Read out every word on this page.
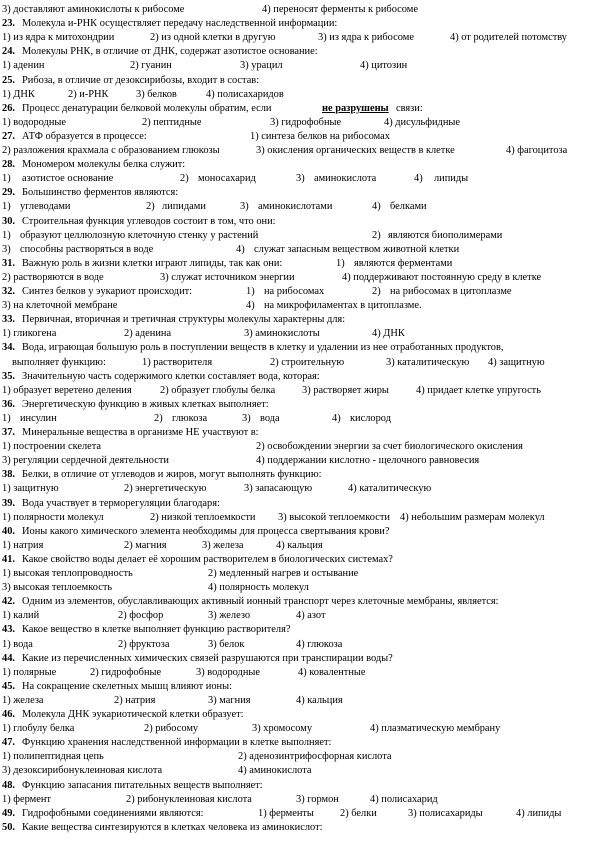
3) доставляют аминокислоты к рибосоме	4) переносят ферменты к рибосоме
23. Молекула и-РНК осуществляет передачу наследственной информации:
1) из ядра к митохондрии	2) из одной клетки в другую	3) из ядра к рибосоме	4) от родителей потомству
24. Молекулы РНК, в отличие от ДНК, содержат азотистое основание:
1) аденин	2) гуанин	3) урацил	4) цитозин
25. Рибоза, в отличие от дезоксирибозы, входит в состав:
1) ДНК	2) и-РНК	3) белков	4) полисахаридов
26. Процесс денатурации белковой молекулы обратим, если	не разрушены связи:
1) водородные	2) пептидные	3) гидрофобные	4) дисульфидные
27. АТФ образуется в процессе:	1) синтеза белков на рибосомах
2) разложения крахмала с образованием глюкозы	3) окисления органических веществ в клетке	4) фагоцитоза
28. Мономером молекулы белка служит:
1) азотистое основание	2) моносахарид	3) аминокислота	4) липиды
29. Большинство ферментов являются:
1) углеводами	2) липидами	3) аминокислотами	4) белками
30. Строительная функция углеводов состоит в том, что они:
1) образуют целлюлозную клеточную стенку у растений	2) являются биополимерами
3) способны растворяться в воде	4) служат запасным веществом животной клетки
31. Важную роль в жизни клетки играют липиды, так как они:	1) являются ферментами
2) растворяются в воде	3) служат источником энергии	4) поддерживают постоянную среду в клетке
32. Синтез белков у эукариот происходит:	1) на рибосомах	2) на рибосомах в цитоплазме
3) на клеточной мембране	4) на микрофиламентах в цитоплазме.
33. Первичная, вторичная и третичная структуры молекулы характерны для:
1) гликогена	2) аденина	3) аминокислоты	4) ДНК
34. Вода, играющая большую роль в поступлении веществ в клетку и удалении из нее отработанных продуктов,
выполняет функцию:	1) растворителя	2) строительную	3) каталитическую 4) защитную
35. Значительную часть содержимого клетки составляет вода, которая:
1) образует веретено деления	2) образует глобулы белка	3) растворяет жиры	4) придает клетке упругость
36. Энергетическую функцию в живых клетках выполняет:
1) инсулин	2) глюкоза	3) вода	4) кислород
37. Минеральные вещества в организме НЕ участвуют в:
1) построении скелета	2) освобождении энергии за счет биологического окисления
3) регуляции сердечной деятельности	4) поддержании кислотно - щелочного равновесия
38. Белки, в отличие от углеводов и жиров, могут выполнять функцию:
1) защитную	2) энергетическую	3) запасающую	4) каталитическую
39. Вода участвует в терморегуляции благодаря:
1) полярности молекул	2) низкой теплоемкости 3) высокой теплоемкости 4) небольшим размерам молекул
40. Ионы какого химического элемента необходимы для процесса свертывания крови?
1) натрия	2) магния	3) железа	4) кальция
41. Какое свойство воды делает её хорошим растворителем в биологических системах?
1) высокая теплопроводность	2) медленный нагрев и остывание
3) высокая теплоемкость	4) полярность молекул
42. Одним из элементов, обуславливающих активный ионный транспорт через клеточные мембраны, является:
1) калий	2) фосфор	3) железо	4) азот
43. Какое вещество в клетке выполняет функцию растворителя?
1) вода	2) фруктоза	3) белок	4) глюкоза
44. Какие из перечисленных химических связей разрушаются при транспирации воды?
1) полярные	2) гидрофобные	3) водородные	4) ковалентные
45. На сокращение скелетных мышц влияют ионы:
1) железа	2) натрия	3) магния	4) кальция
46. Молекула ДНК эукариотической клетки образует:
1) глобулу белка	2) рибосому	3) хромосому	4) плазматическую мембрану
47. Функцию хранения наследственной информации в клетке выполняет:
1) полипептидная цепь	2) аденозинтрифосфорная кислота
3) дезоксирибонуклеиновая кислота	4) аминокислота
48. Функцию запасания питательных веществ выполняет:
1) фермент	2) рибонуклеиновая кислота	3) гормон	4) полисахарид
49. Гидрофобными соединениями являются:	1) ферменты	2) белки	3) полисахариды	4) липиды
50. Какие вещества синтезируются в клетках человека из аминокислот:
